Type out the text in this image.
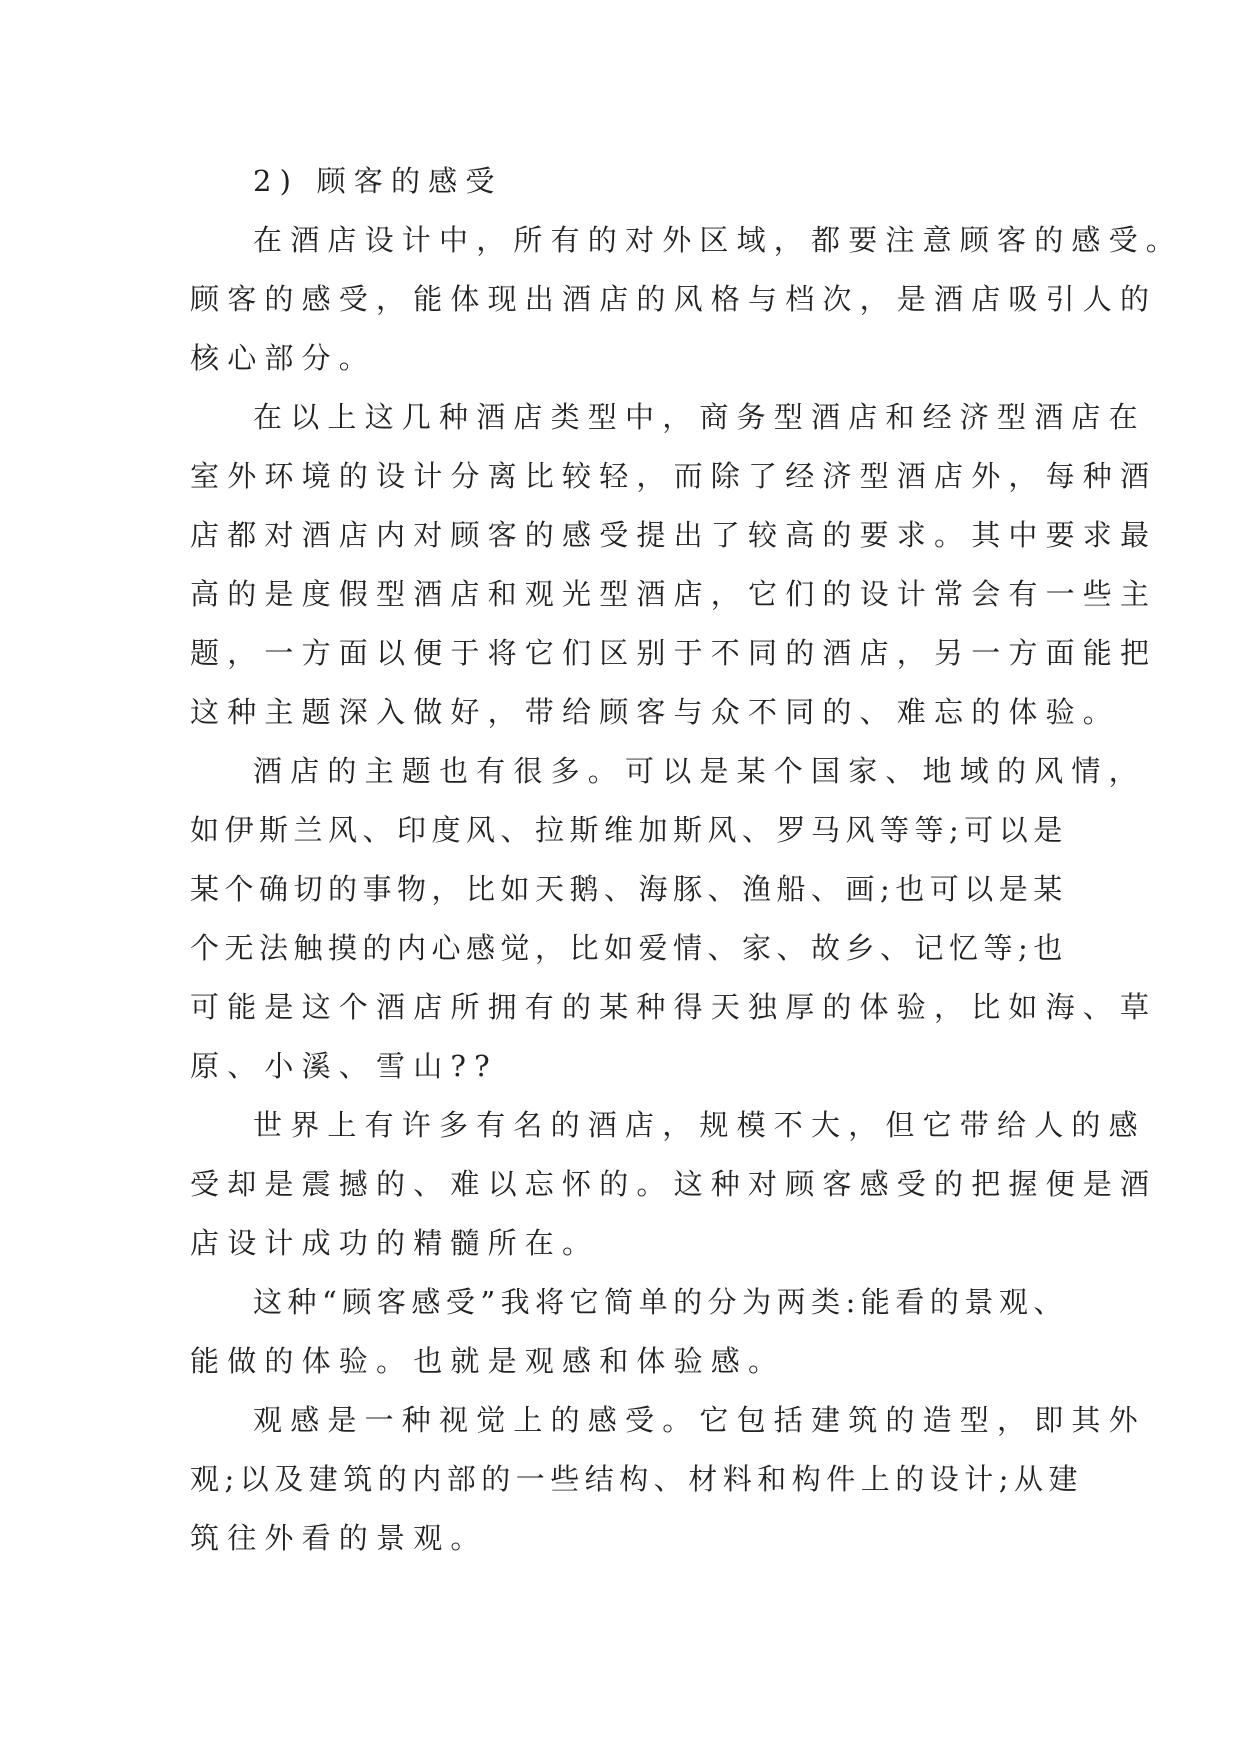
2) 顾客的感受
在酒店设计中，所有的对外区域，都要注意顾客的感受。
顾客的感受，能体现出酒店的风格与档次，是酒店吸引人的
核心部分。
在以上这几种酒店类型中，商务型酒店和经济型酒店在
室外环境的设计分离比较轻，而除了经济型酒店外，每种酒
店都对酒店内对顾客的感受提出了较高的要求。其中要求最
高的是度假型酒店和观光型酒店，它们的设计常会有一些主
题，一方面以便于将它们区别于不同的酒店，另一方面能把
这种主题深入做好，带给顾客与众不同的、难忘的体验。
酒店的主题也有很多。可以是某个国家、地域的风情，
如伊斯兰风、印度风、拉斯维加斯风、罗马风等等;可以是
某个确切的事物，比如天鹅、海豚、渔船、画;也可以是某
个无法触摸的内心感觉，比如爱情、家、故乡、记忆等;也
可能是这个酒店所拥有的某种得天独厚的体验，比如海、草
原、小溪、雪山??
世界上有许多有名的酒店，规模不大，但它带给人的感
受却是震撼的、难以忘怀的。这种对顾客感受的把握便是酒
店设计成功的精髓所在。
这种“顾客感受”我将它简单的分为两类:能看的景观、
能做的体验。也就是观感和体验感。
观感是一种视觉上的感受。它包括建筑的造型，即其外
观;以及建筑的内部的一些结构、材料和构件上的设计;从建
筑往外看的景观。
